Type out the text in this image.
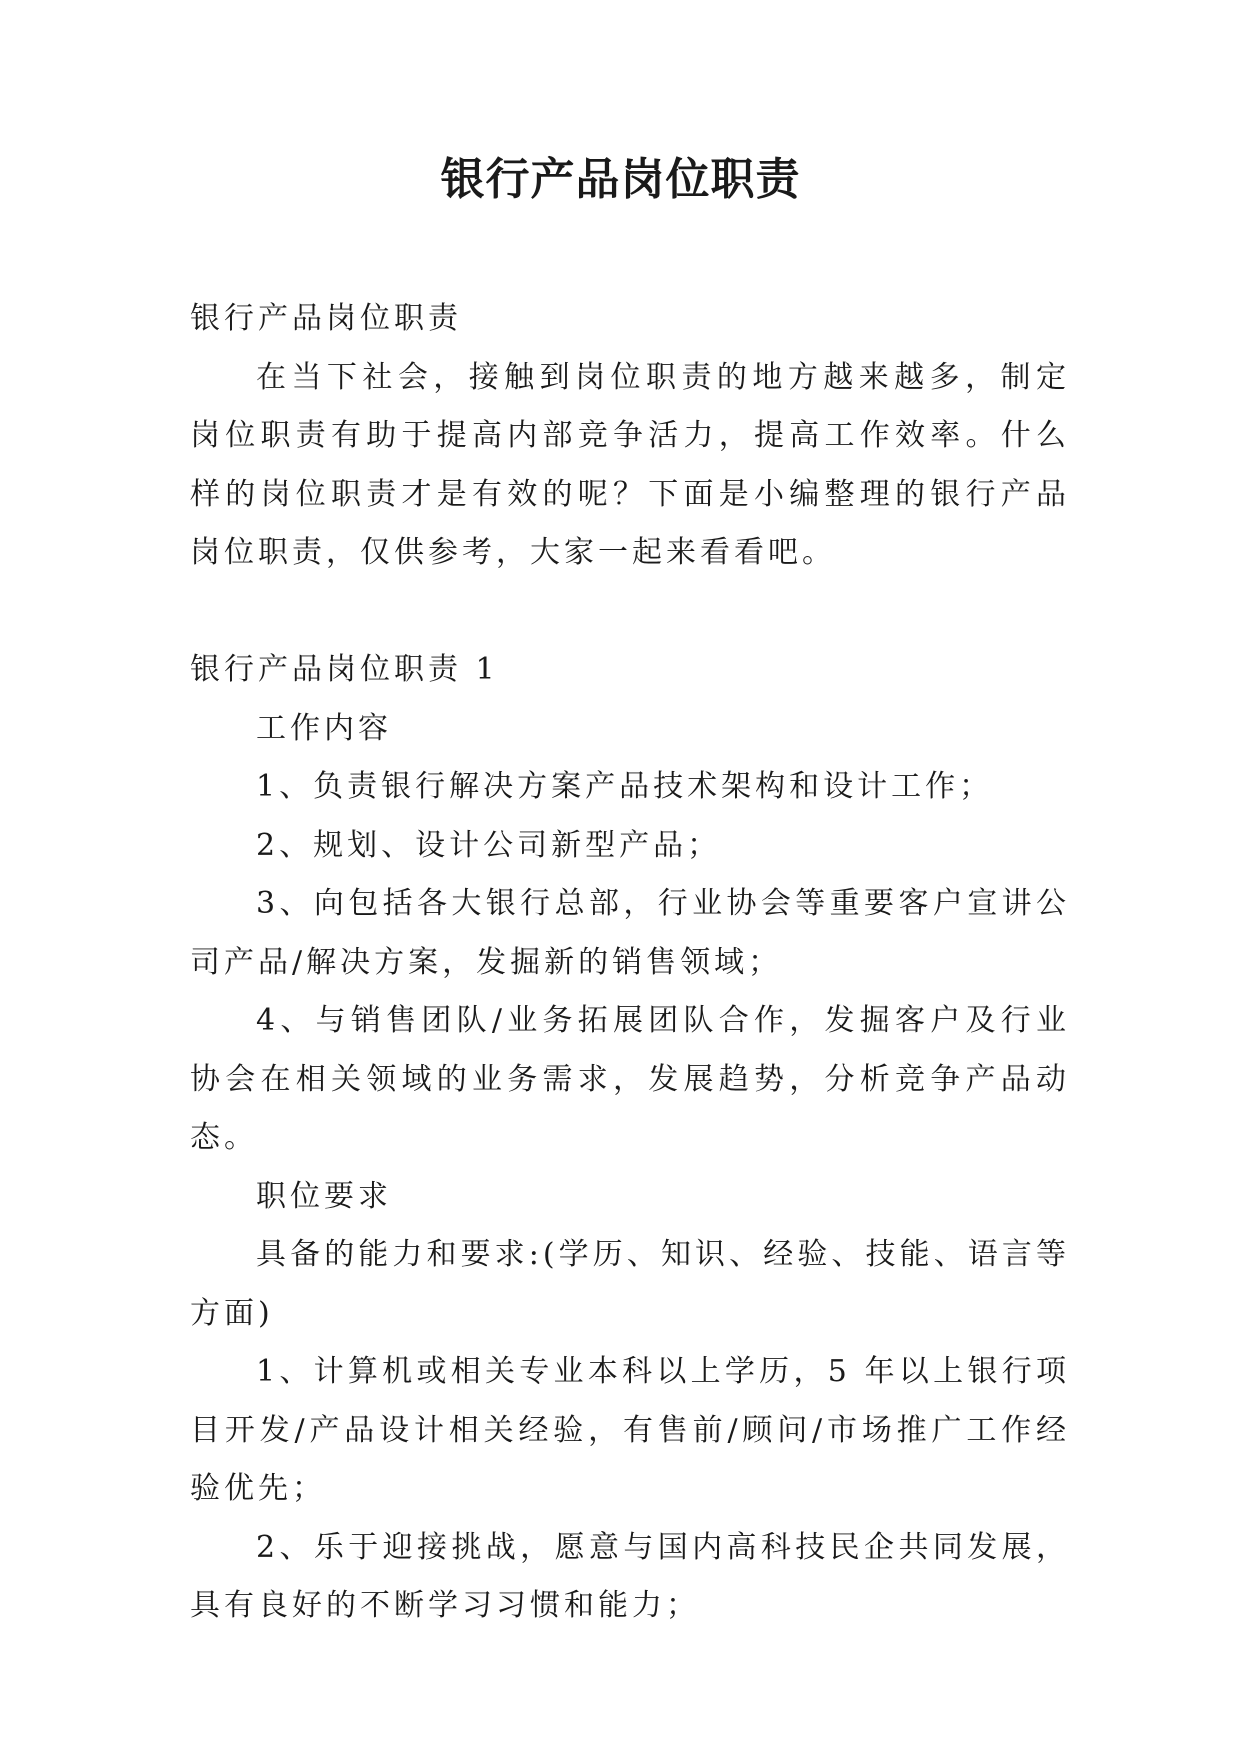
银行产品岗位职责

银行产品岗位职责

在当下社会，接触到岗位职责的地方越来越多，制定岗位职责有助于提高内部竞争活力，提高工作效率。什么样的岗位职责才是有效的呢？下面是小编整理的银行产品岗位职责，仅供参考，大家一起来看看吧。

银行产品岗位职责 1

工作内容

1、负责银行解决方案产品技术架构和设计工作；

2、规划、设计公司新型产品；

3、向包括各大银行总部，行业协会等重要客户宣讲公司产品/解决方案，发掘新的销售领域；

4、与销售团队/业务拓展团队合作，发掘客户及行业协会在相关领域的业务需求，发展趋势，分析竞争产品动态。

职位要求

具备的能力和要求:(学历、知识、经验、技能、语言等方面)

1、计算机或相关专业本科以上学历，5 年以上银行项目开发/产品设计相关经验，有售前/顾问/市场推广工作经验优先；

2、乐于迎接挑战，愿意与国内高科技民企共同发展，具有良好的不断学习习惯和能力；
